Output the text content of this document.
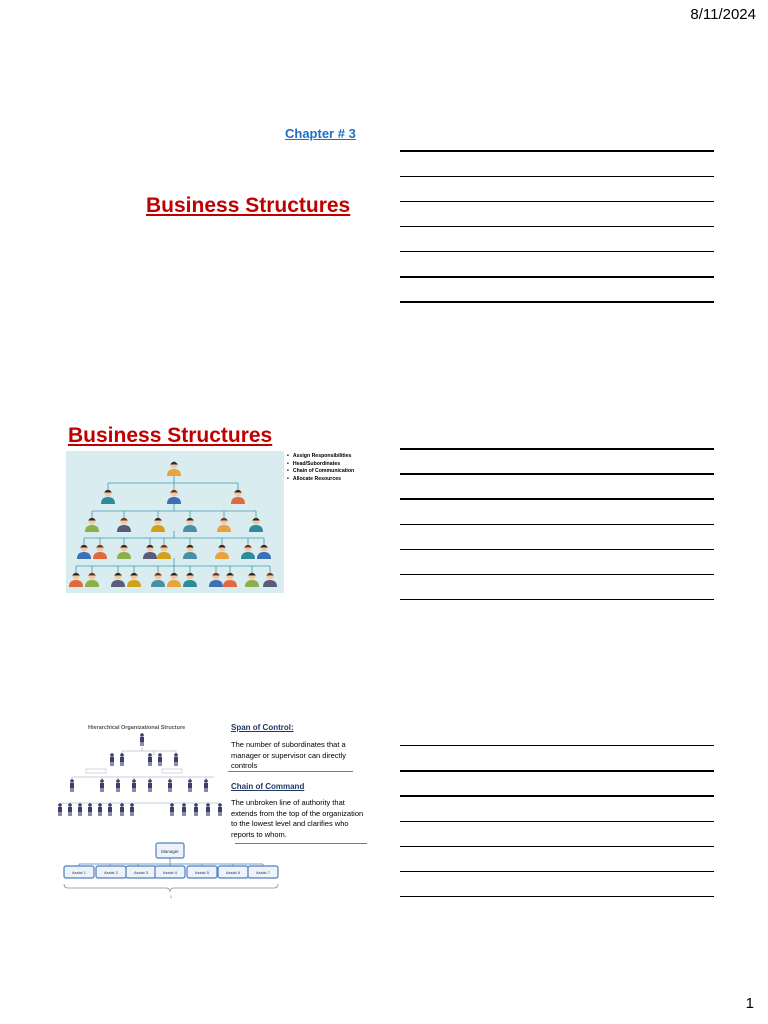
8/11/2024
Chapter # 3
Business Structures
Business Structures
• Assign Responsibilities
• Head/Subordinates
• Chain of Communication
• Allocate Resources
Hierarchical Organizational Structure
Manager
Assist 1	Assist 2	Assist 3	Assist 4	Assist 5	Assist 6	Assist 7
1
Span of Control:
The number of subordinates that a manager or supervisor can directly controls
Chain of Command
The unbroken line of authority that extends from the top of the organization to the lowest level and clarifies who reports to whom.
1
